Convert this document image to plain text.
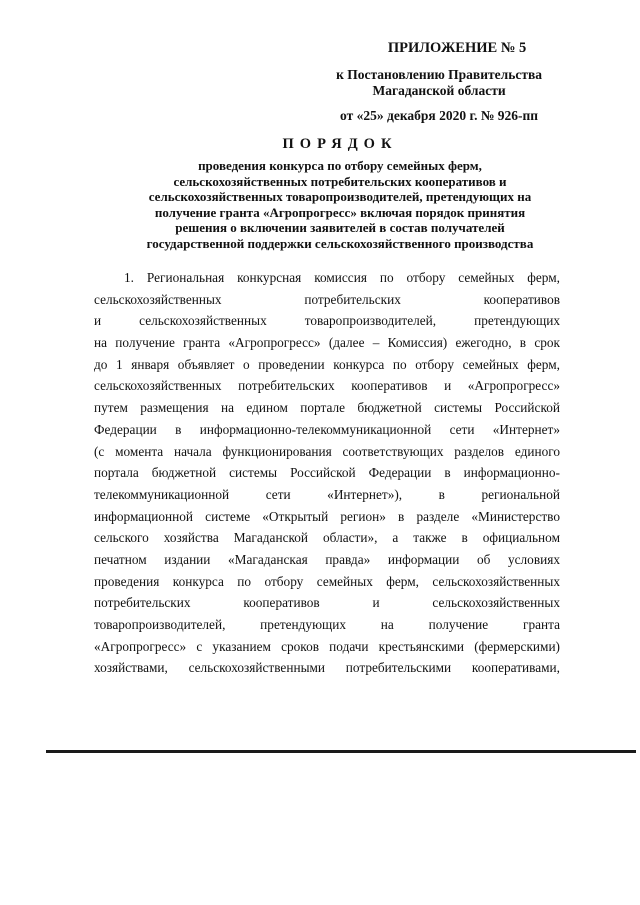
ПРИЛОЖЕНИЕ № 5
к Постановлению Правительства
Магаданской области
от «25» декабря 2020 г. № 926-пп
ПОРЯДОК
проведения конкурса по отбору семейных ферм,
сельскохозяйственных потребительских кооперативов и
сельскохозяйственных товаропроизводителей, претендующих на
получение гранта «Агропрогресс» включая порядок принятия
решения о включении заявителей в состав получателей
государственной поддержки сельскохозяйственного производства
1. Региональная конкурсная комиссия по отбору семейных ферм,
сельскохозяйственных потребительских кооперативов
и сельскохозяйственных товаропроизводителей, претендующих
на получение гранта «Агропрогресс» (далее – Комиссия) ежегодно, в срок
до 1 января объявляет о проведении конкурса по отбору семейных ферм,
сельскохозяйственных потребительских кооперативов и «Агропрогресс»
путем размещения на едином портале бюджетной системы Российской
Федерации в информационно-телекоммуникационной сети «Интернет»
(с момента начала функционирования соответствующих разделов единого
портала бюджетной системы Российской Федерации в информационно-
телекоммуникационной сети «Интернет»), в региональной
информационной системе «Открытый регион» в разделе «Министерство
сельского хозяйства Магаданской области», а также в официальном
печатном издании «Магаданская правда» информации об условиях
проведения конкурса по отбору семейных ферм, сельскохозяйственных
потребительских кооперативов и сельскохозяйственных
товаропроизводителей, претендующих на получение гранта
«Агропрогресс» с указанием сроков подачи крестьянскими (фермерскими)
хозяйствами, сельскохозяйственными потребительскими кооперативами,
